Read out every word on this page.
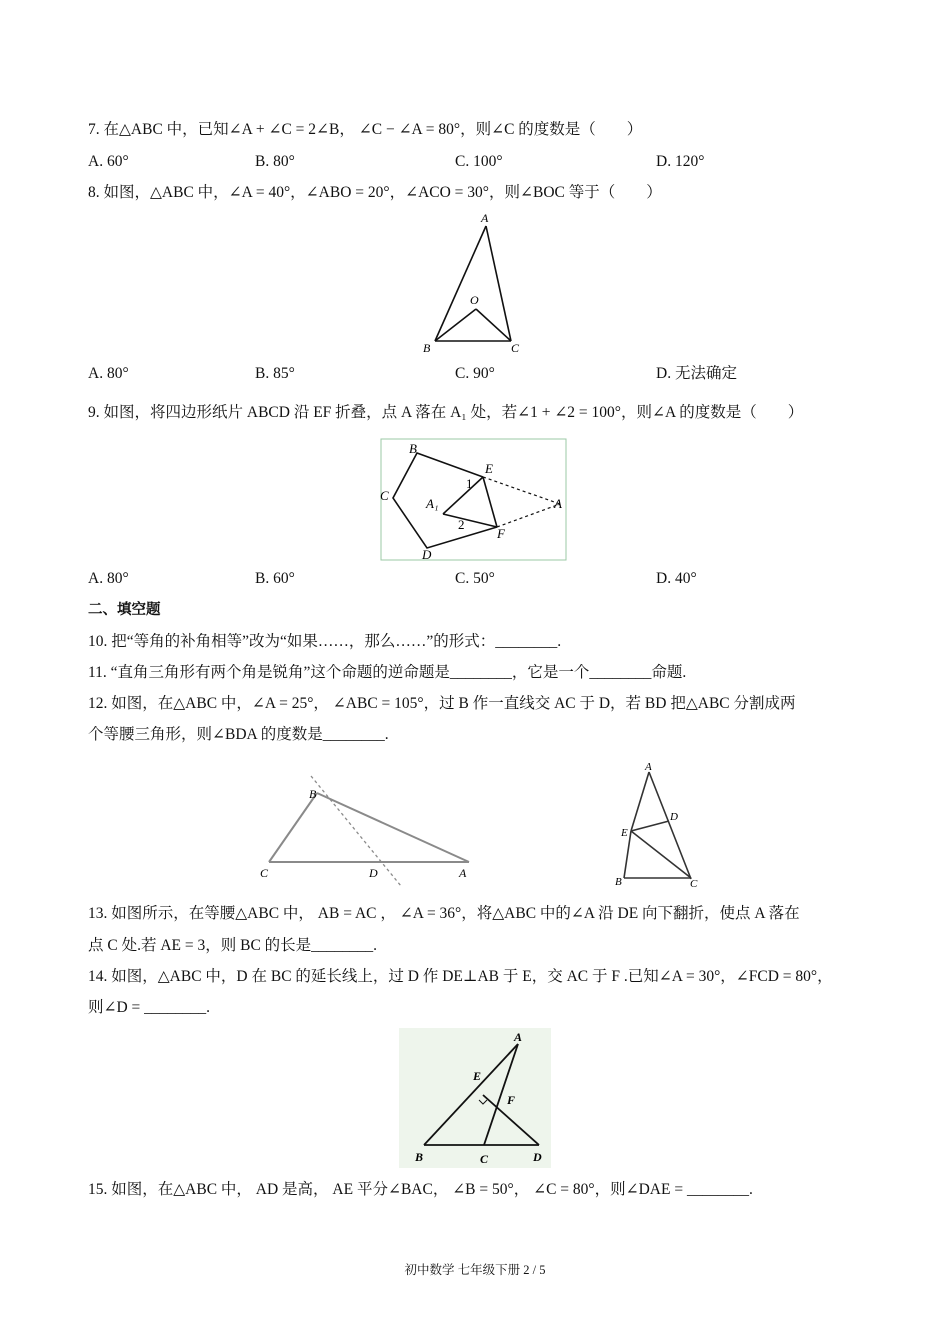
7. 在△ABC 中，已知∠A + ∠C = 2∠B， ∠C − ∠A = 80°，则∠C 的度数是（　　）
A. 60°	B. 80°	C. 100°	D. 120°
8. 如图，△ABC 中，∠A = 40°，∠ABO = 20°，∠ACO = 30°，则∠BOC 等于（　　）
A
O
B	C
A. 80°	B. 85°	C. 90°	D. 无法确定
9. 如图，将四边形纸片 ABCD 沿 EF 折叠，点 A 落在 A₁ 处，若∠1 + ∠2 = 100°，则∠A 的度数是（　　）
B
E
C
A₁	A
1
2
F
D
A. 80°	B. 60°	C. 50°	D. 40°
二、填空题
10. 把“等角的补角相等”改为“如果……，那么……”的形式：________.
11. “直角三角形有两个角是锐角”这个命题的逆命题是________，它是一个________命题.
12. 如图，在△ABC 中，∠A = 25°， ∠ABC = 105°，过 B 作一直线交 AC 于 D，若 BD 把△ABC 分割成两
个等腰三角形，则∠BDA 的度数是________.
B
C	D	A
A
D
E
B	C
13. 如图所示，在等腰△ABC 中， AB = AC ， ∠A = 36°，将△ABC 中的∠A 沿 DE 向下翻折，使点 A 落在
点 C 处.若 AE = 3，则 BC 的长是________.
14. 如图，△ABC 中，D 在 BC 的延长线上，过 D 作 DE⊥AB 于 E，交 AC 于 F .已知∠A = 30°，∠FCD = 80°，
则∠D = ________.
A
E
F
B	C	D
15. 如图，在△ABC 中， AD 是高， AE 平分∠BAC， ∠B = 50°， ∠C = 80°，则∠DAE = ________.
初中数学 七年级下册 2 / 5
